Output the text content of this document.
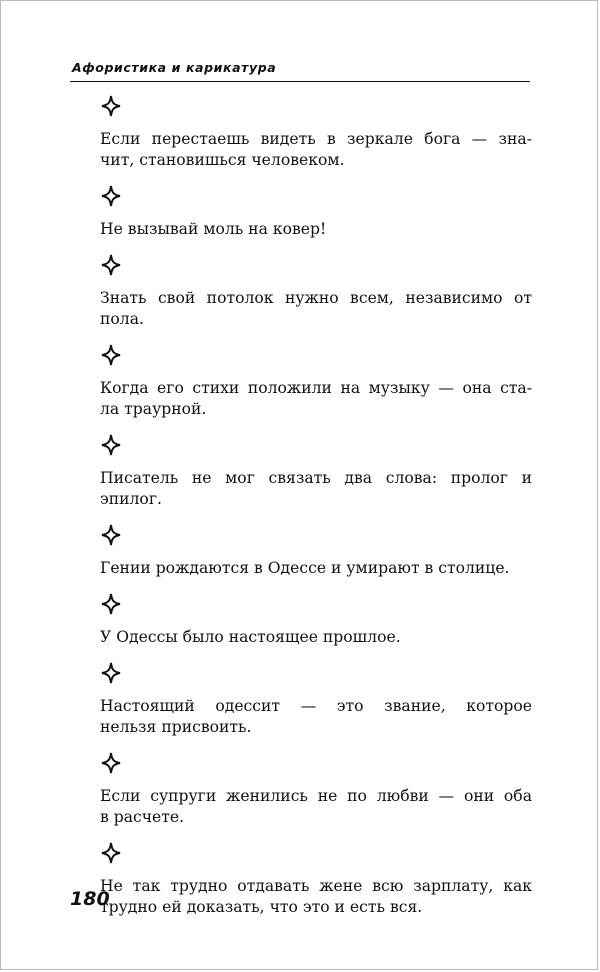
Афористика и карикатура

Если перестаешь видеть в зеркале бога — зна-
чит, становишься человеком.

Не вызывай моль на ковер!

Знать свой потолок нужно всем, независимо от
пола.

Когда его стихи положили на музыку — она ста-
ла траурной.

Писатель не мог связать два слова: пролог и
эпилог.

Гении рождаются в Одессе и умирают в столице.

У Одессы было настоящее прошлое.

Настоящий одессит — это звание, которое
нельзя присвоить.

Если супруги женились не по любви — они оба
в расчете.

Не так трудно отдавать жене всю зарплату, как
трудно ей доказать, что это и есть вся.

180
